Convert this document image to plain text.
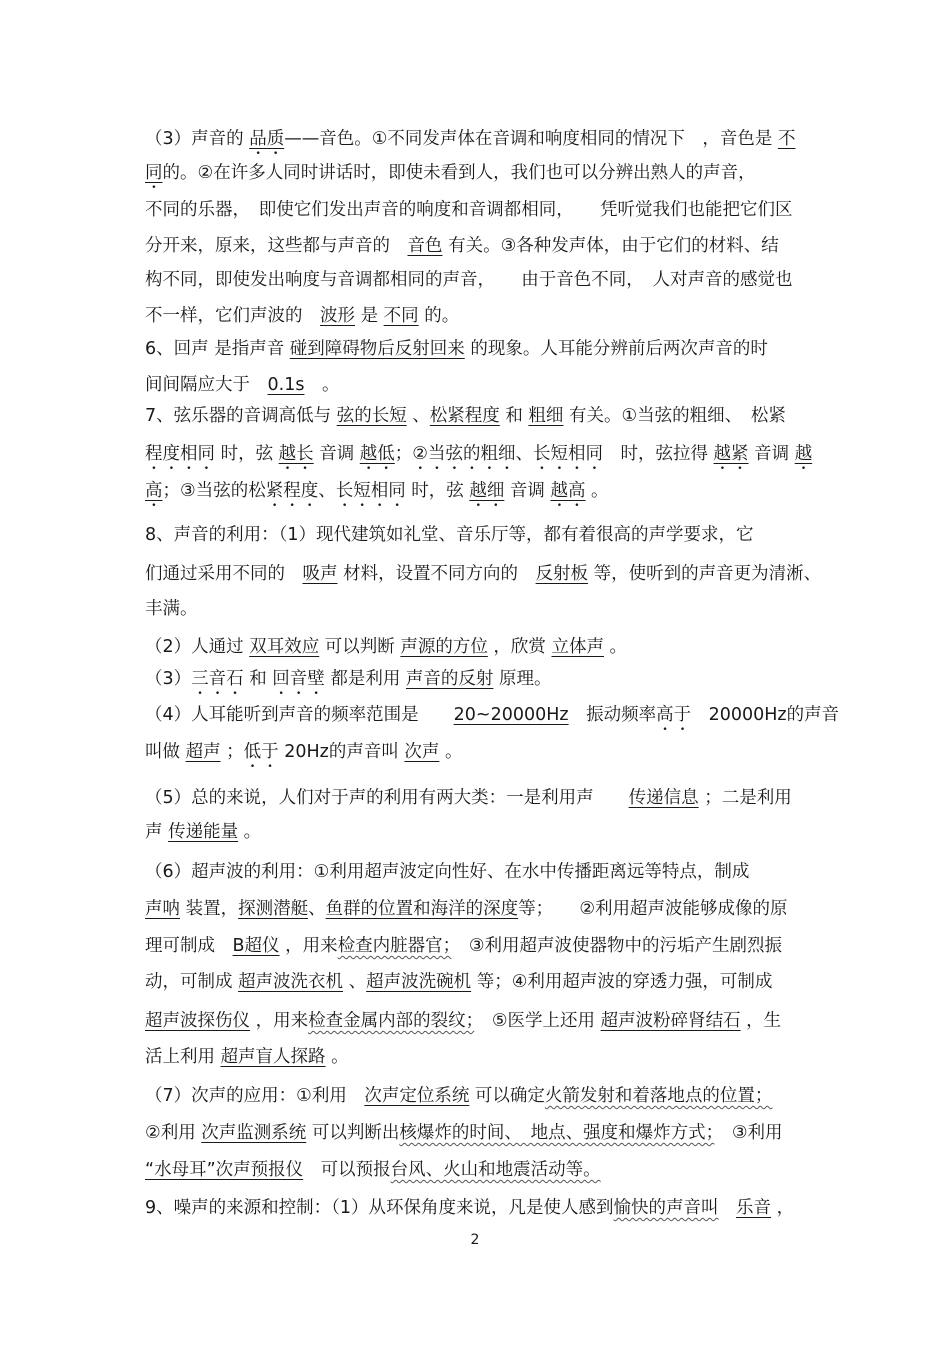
（3）声音的 品质——音色。①不同发声体在音调和响度相同的情况下　，音色是 不
同的。②在许多人同时讲话时，即使未看到人，我们也可以分辨出熟人的声音，
不同的乐器，　即使它们发出声音的响度和音调都相同，　　凭听觉我们也能把它们区
分开来，原来，这些都与声音的　音色 有关。③各种发声体，由于它们的材料、结
构不同，即使发出响度与音调都相同的声音，　　由于音色不同，　人对声音的感觉也
不一样，它们声波的　波形 是 不同 的。
6、回声 是指声音 碰到障碍物后反射回来 的现象。人耳能分辨前后两次声音的时
间间隔应大于　0.1s　。
7、弦乐器的音调高低与 弦的长短 、松紧程度 和 粗细 有关。①当弦的粗细、　松紧
程度相同 时，弦 越长 音调 越低；②当弦的粗细、长短相同　时，弦拉得 越紧 音调 越
高；③当弦的松紧程度、长短相同 时，弦 越细 音调 越高 。
8、声音的利用：（1）现代建筑如礼堂、音乐厅等，都有着很高的声学要求，它
们通过采用不同的　吸声 材料，设置不同方向的　反射板 等，使听到的声音更为清淅、
丰满。
（2）人通过 双耳效应 可以判断 声源的方位 ，欣赏 立体声 。
（3）三音石 和 回音壁 都是利用 声音的反射 原理。
（4）人耳能听到声音的频率范围是　　20~20000Hz　振动频率高于　20000Hz的声音
叫做 超声 ；低于 20Hz的声音叫 次声 。
（5）总的来说，人们对于声的利用有两大类：一是利用声　　传递信息 ；二是利用
声 传递能量 。
（6）超声波的利用：①利用超声波定向性好、在水中传播距离远等特点，制成
声呐 装置，探测潜艇、鱼群的位置和海洋的深度等；　　②利用超声波能够成像的原
理可制成　B超仪 ，用来检查内脏器官；　③利用超声波使器物中的污垢产生剧烈振
动，可制成 超声波洗衣机 、超声波洗碗机 等；④利用超声波的穿透力强，可制成
超声波探伤仪 ，用来检查金属内部的裂纹；　⑤医学上还用 超声波粉碎肾结石 ，生
活上利用 超声盲人探路 。
（7）次声的应用：①利用　次声定位系统 可以确定火箭发射和着落地点的位置；
②利用 次声监测系统 可以判断出核爆炸的时间、　地点、强度和爆炸方式；　③利用
“水母耳”次声预报仪　可以预报台风、火山和地震活动等。
9、噪声的来源和控制：（1）从环保角度来说，凡是使人感到愉快的声音叫　 乐音 ，
2
